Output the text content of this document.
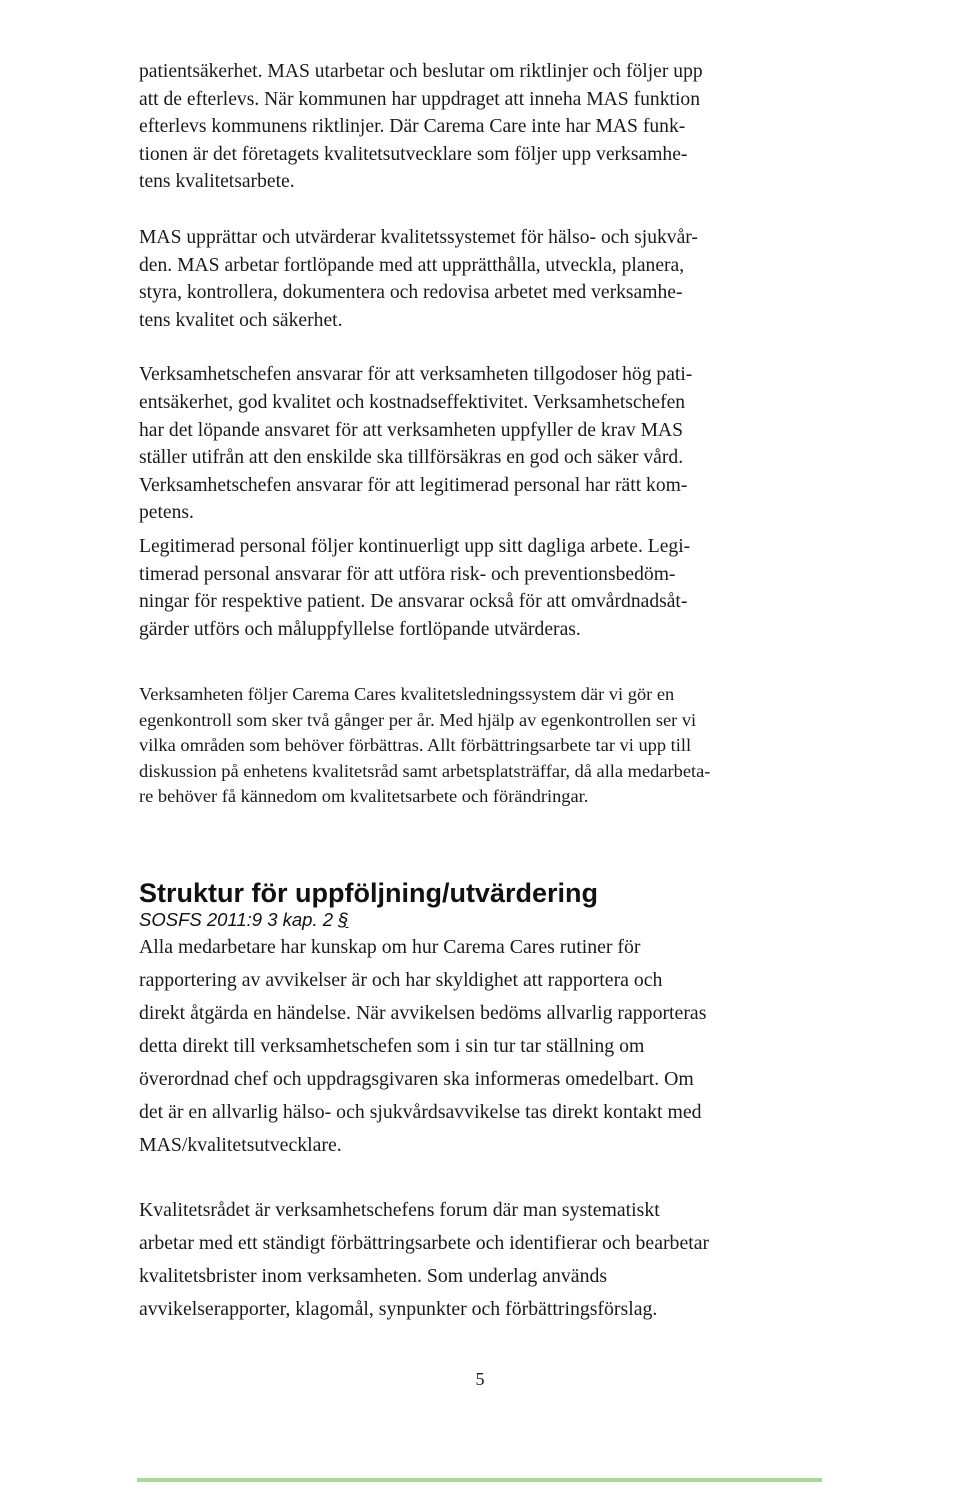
patientsäkerhet. MAS utarbetar och beslutar om riktlinjer och följer upp
att de efterlevs. När kommunen har uppdraget att inneha MAS funktion
efterlevs kommunens riktlinjer. Där Carema Care inte har MAS funk-
tionen är det företagets kvalitetsutvecklare som följer upp verksamhe-
tens kvalitetsarbete.

MAS upprättar och utvärderar kvalitetssystemet för hälso- och sjukvår-
den. MAS arbetar fortlöpande med att upprätthålla, utveckla, planera,
styra, kontrollera, dokumentera och redovisa arbetet med verksamhe-
tens kvalitet och säkerhet.

Verksamhetschefen ansvarar för att verksamheten tillgodoser hög pati-
entsäkerhet, god kvalitet och kostnadseffektivitet. Verksamhetschefen
har det löpande ansvaret för att verksamheten uppfyller de krav MAS
ställer utifrån att den enskilde ska tillförsäkras en god och säker vård.
Verksamhetschefen ansvarar för att legitimerad personal har rätt kom-
petens.

Legitimerad personal följer kontinuerligt upp sitt dagliga arbete. Legi-
timerad personal ansvarar för att utföra risk- och preventionsbedöm-
ningar för respektive patient. De ansvarar också för att omvårdnadsåt-
gärder utförs och måluppfyllelse fortlöpande utvärderas.

Verksamheten följer Carema Cares kvalitetsledningssystem där vi gör en
egenkontroll som sker två gånger per år. Med hjälp av egenkontrollen ser vi
vilka områden som behöver förbättras. Allt förbättringsarbete tar vi upp till
diskussion på enhetens kvalitetsråd samt arbetsplatsträffar, då alla medarbeta-
re behöver få kännedom om kvalitetsarbete och förändringar.

Struktur för uppföljning/utvärdering

SOSFS 2011:9 3 kap. 2 §

Alla medarbetare har kunskap om hur Carema Cares rutiner för
rapportering av avvikelser är och har skyldighet att rapportera och
direkt åtgärda en händelse. När avvikelsen bedöms allvarlig rapporteras
detta direkt till verksamhetschefen som i sin tur tar ställning om
överordnad chef och uppdragsgivaren ska informeras omedelbart. Om
det är en allvarlig hälso- och sjukvårdsavvikelse tas direkt kontakt med
MAS/kvalitetsutvecklare.

Kvalitetsrådet är verksamhetschefens forum där man systematiskt
arbetar med ett ständigt förbättringsarbete och identifierar och bearbetar
kvalitetsbrister inom verksamheten. Som underlag används
avvikelserapporter, klagomål, synpunkter och förbättringsförslag.

5
